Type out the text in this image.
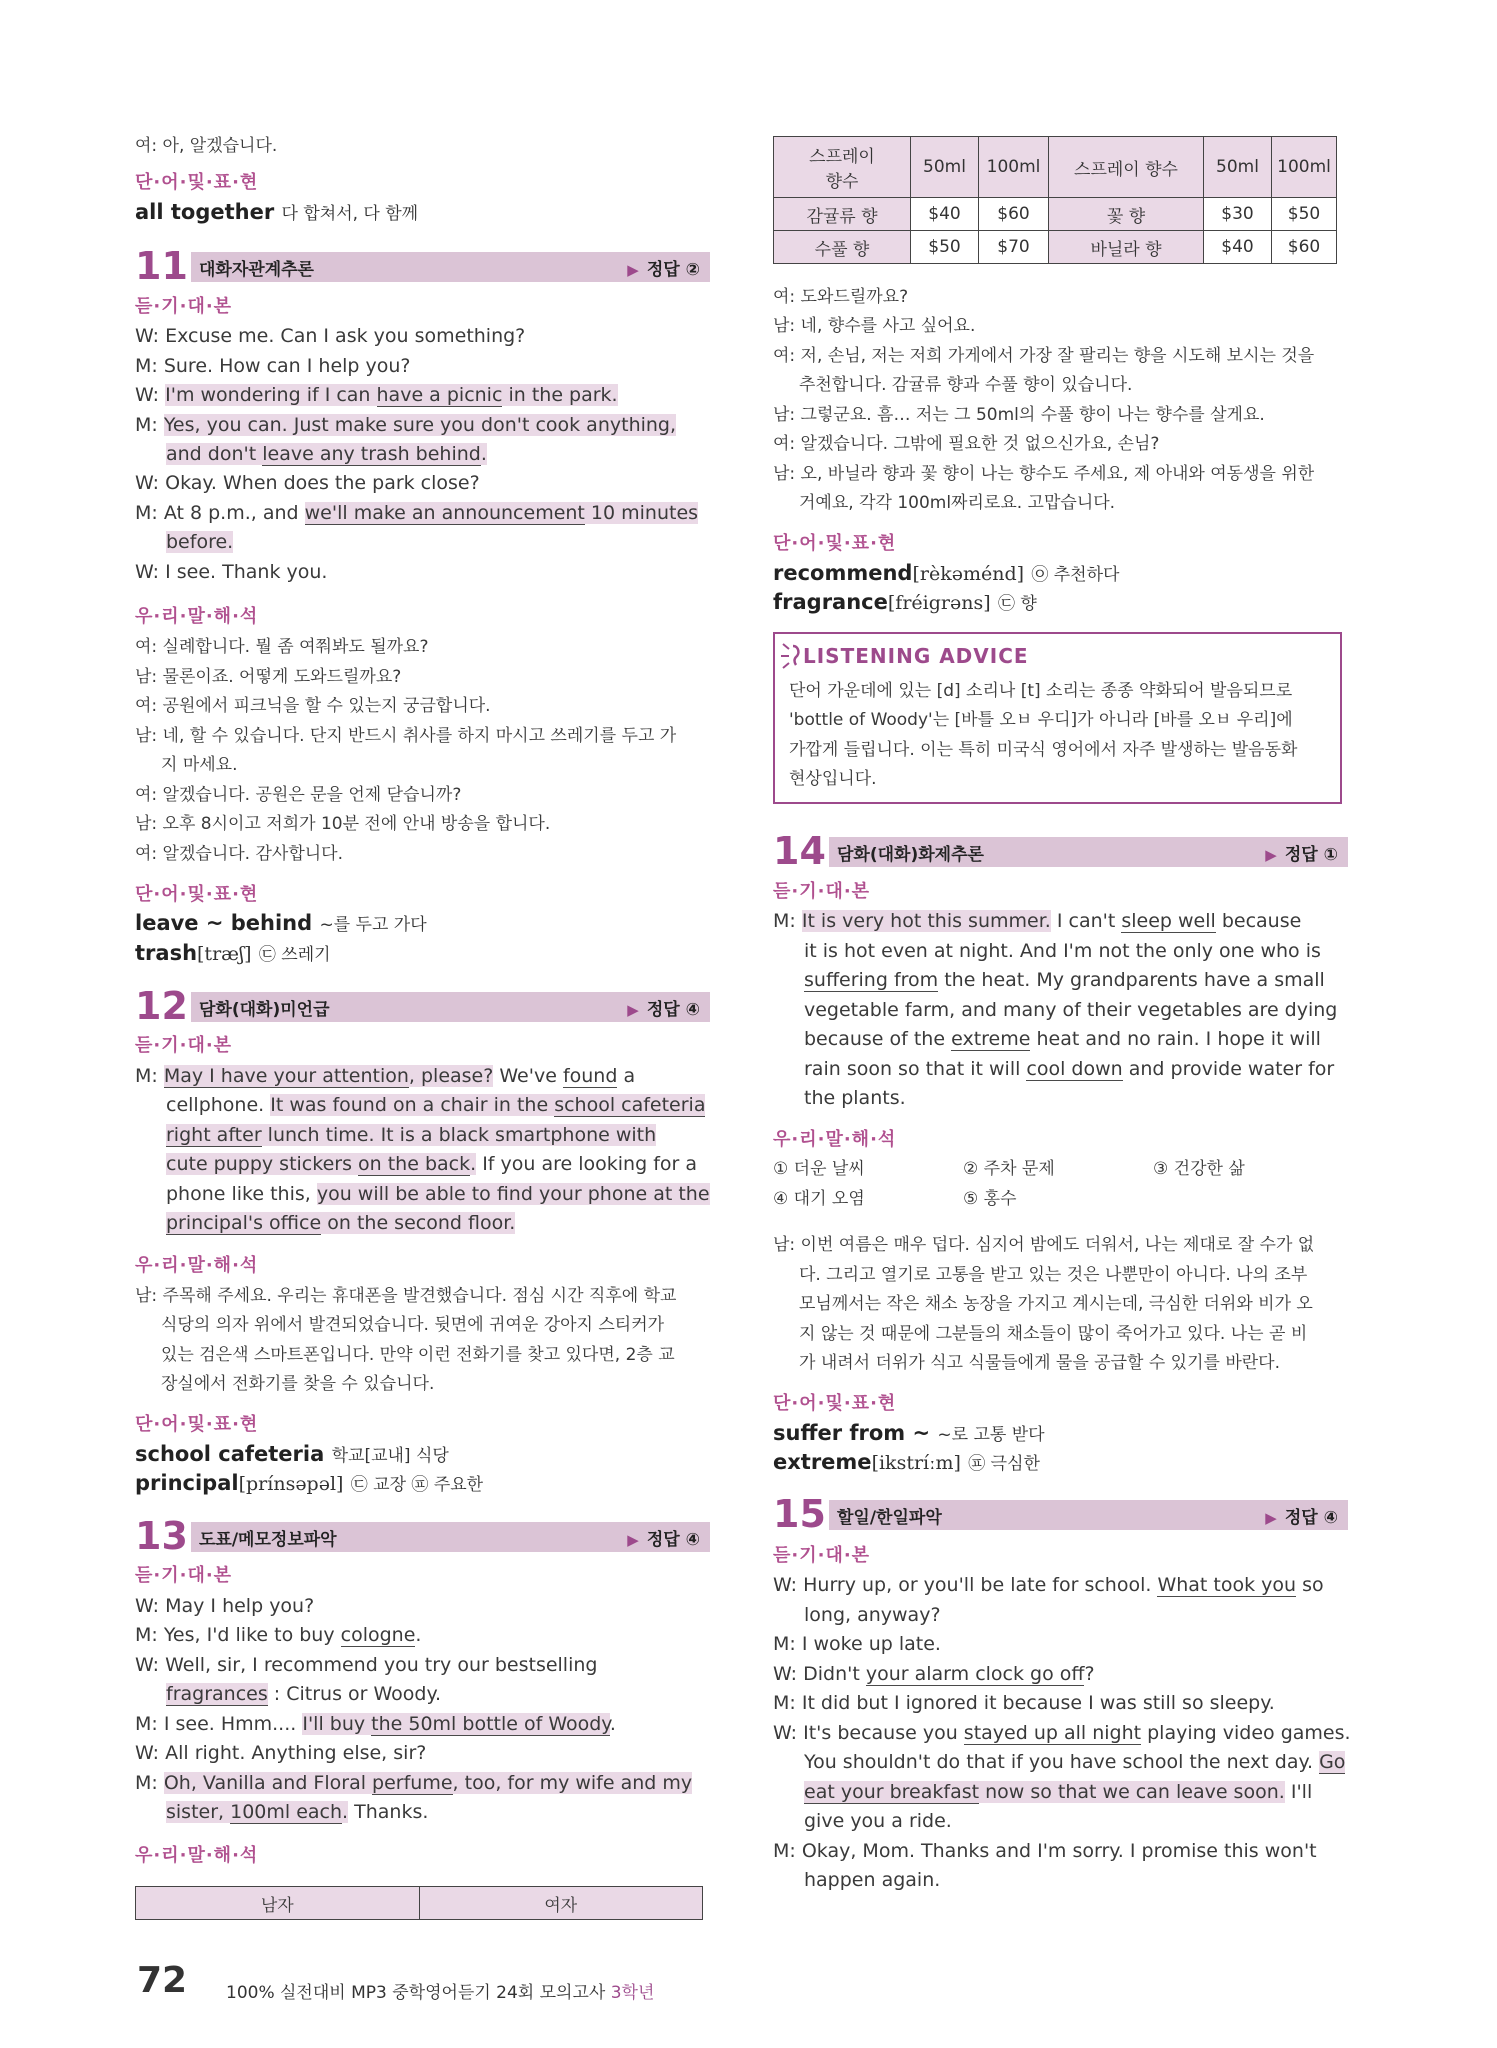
여: 아, 알겠습니다.
단·어·및·표·현
all together 다 합쳐서, 다 함께
11 대화자관계추론	▶ 정답 ②
듣·기·대·본
W: Excuse me. Can I ask you something?
M: Sure. How can I help you?
W: I'm wondering if I can have a picnic in the park.
M: Yes, you can. Just make sure you don't cook anything,
and don't leave any trash behind.
W: Okay. When does the park close?
M: At 8 p.m., and we'll make an announcement 10 minutes
before.
W: I see. Thank you.
우·리·말·해·석
여: 실례합니다. 뭘 좀 여쭤봐도 될까요?
남: 물론이죠. 어떻게 도와드릴까요?
여: 공원에서 피크닉을 할 수 있는지 궁금합니다.
남: 네, 할 수 있습니다. 단지 반드시 취사를 하지 마시고 쓰레기를 두고 가
지 마세요.
여: 알겠습니다. 공원은 문을 언제 닫습니까?
남: 오후 8시이고 저희가 10분 전에 안내 방송을 합니다.
여: 알겠습니다. 감사합니다.
단·어·및·표·현
leave ~ behind ~를 두고 가다
trash[træʃ] ㉢ 쓰레기
12 담화(대화)미언급	▶ 정답 ④
듣·기·대·본
M: May I have your attention, please? We've found a
cellphone. It was found on a chair in the school cafeteria
right after lunch time. It is a black smartphone with
cute puppy stickers on the back. If you are looking for a
phone like this, you will be able to find your phone at the
principal's office on the second floor.
우·리·말·해·석
남: 주목해 주세요. 우리는 휴대폰을 발견했습니다. 점심 시간 직후에 학교
식당의 의자 위에서 발견되었습니다. 뒷면에 귀여운 강아지 스티커가
있는 검은색 스마트폰입니다. 만약 이런 전화기를 찾고 있다면, 2층 교
장실에서 전화기를 찾을 수 있습니다.
단·어·및·표·현
school cafeteria 학교[교내] 식당
principal[prínsəpəl] ㉢ 교장 ㉬ 주요한
13 도표/메모정보파악	▶ 정답 ④
듣·기·대·본
W: May I help you?
M: Yes, I'd like to buy cologne.
W: Well, sir, I recommend you try our bestselling
fragrances : Citrus or Woody.
M: I see. Hmm.... I'll buy the 50ml bottle of Woody.
W: All right. Anything else, sir?
M: Oh, Vanilla and Floral perfume, too, for my wife and my
sister, 100ml each. Thanks.
우·리·말·해·석
남자	여자
스프레이
향수	50ml	100ml	스프레이 향수	50ml	100ml
감귤류 향	$40	$60	꽃 향	$30	$50
수풀 향	$50	$70	바닐라 향	$40	$60
여: 도와드릴까요?
남: 네, 향수를 사고 싶어요.
여: 저, 손님, 저는 저희 가게에서 가장 잘 팔리는 향을 시도해 보시는 것을
추천합니다. 감귤류 향과 수풀 향이 있습니다.
남: 그렇군요. 흠… 저는 그 50ml의 수풀 향이 나는 향수를 살게요.
여: 알겠습니다. 그밖에 필요한 것 없으신가요, 손님?
남: 오, 바닐라 향과 꽃 향이 나는 향수도 주세요, 제 아내와 여동생을 위한
거예요, 각각 100ml짜리로요. 고맙습니다.
단·어·및·표·현
recommend[rèkəménd] ㉧ 추천하다
fragrance[fréigrəns] ㉢ 향
LISTENING ADVICE
단어 가운데에 있는 [d] 소리나 [t] 소리는 종종 약화되어 발음되므로
'bottle of Woody'는 [바틀 오ㅂ 우디]가 아니라 [바를 오ㅂ 우리]에
가깝게 들립니다. 이는 특히 미국식 영어에서 자주 발생하는 발음동화
현상입니다.
14 담화(대화)화제추론	▶ 정답 ①
듣·기·대·본
M: It is very hot this summer. I can't sleep well because
it is hot even at night. And I'm not the only one who is
suffering from the heat. My grandparents have a small
vegetable farm, and many of their vegetables are dying
because of the extreme heat and no rain. I hope it will
rain soon so that it will cool down and provide water for
the plants.
우·리·말·해·석
① 더운 날씨	② 주차 문제	③ 건강한 삶
④ 대기 오염	⑤ 홍수
남: 이번 여름은 매우 덥다. 심지어 밤에도 더워서, 나는 제대로 잘 수가 없
다. 그리고 열기로 고통을 받고 있는 것은 나뿐만이 아니다. 나의 조부
모님께서는 작은 채소 농장을 가지고 계시는데, 극심한 더위와 비가 오
지 않는 것 때문에 그분들의 채소들이 많이 죽어가고 있다. 나는 곧 비
가 내려서 더위가 식고 식물들에게 물을 공급할 수 있기를 바란다.
단·어·및·표·현
suffer from ~ ~로 고통 받다
extreme[ikstríːm] ㉬ 극심한
15 할일/한일파악	▶ 정답 ④
듣·기·대·본
W: Hurry up, or you'll be late for school. What took you so
long, anyway?
M: I woke up late.
W: Didn't your alarm clock go off?
M: It did but I ignored it because I was still so sleepy.
W: It's because you stayed up all night playing video games.
You shouldn't do that if you have school the next day. Go
eat your breakfast now so that we can leave soon. I'll
give you a ride.
M: Okay, Mom. Thanks and I'm sorry. I promise this won't
happen again.
72 100% 실전대비 MP3 중학영어듣기 24회 모의고사 3학년
